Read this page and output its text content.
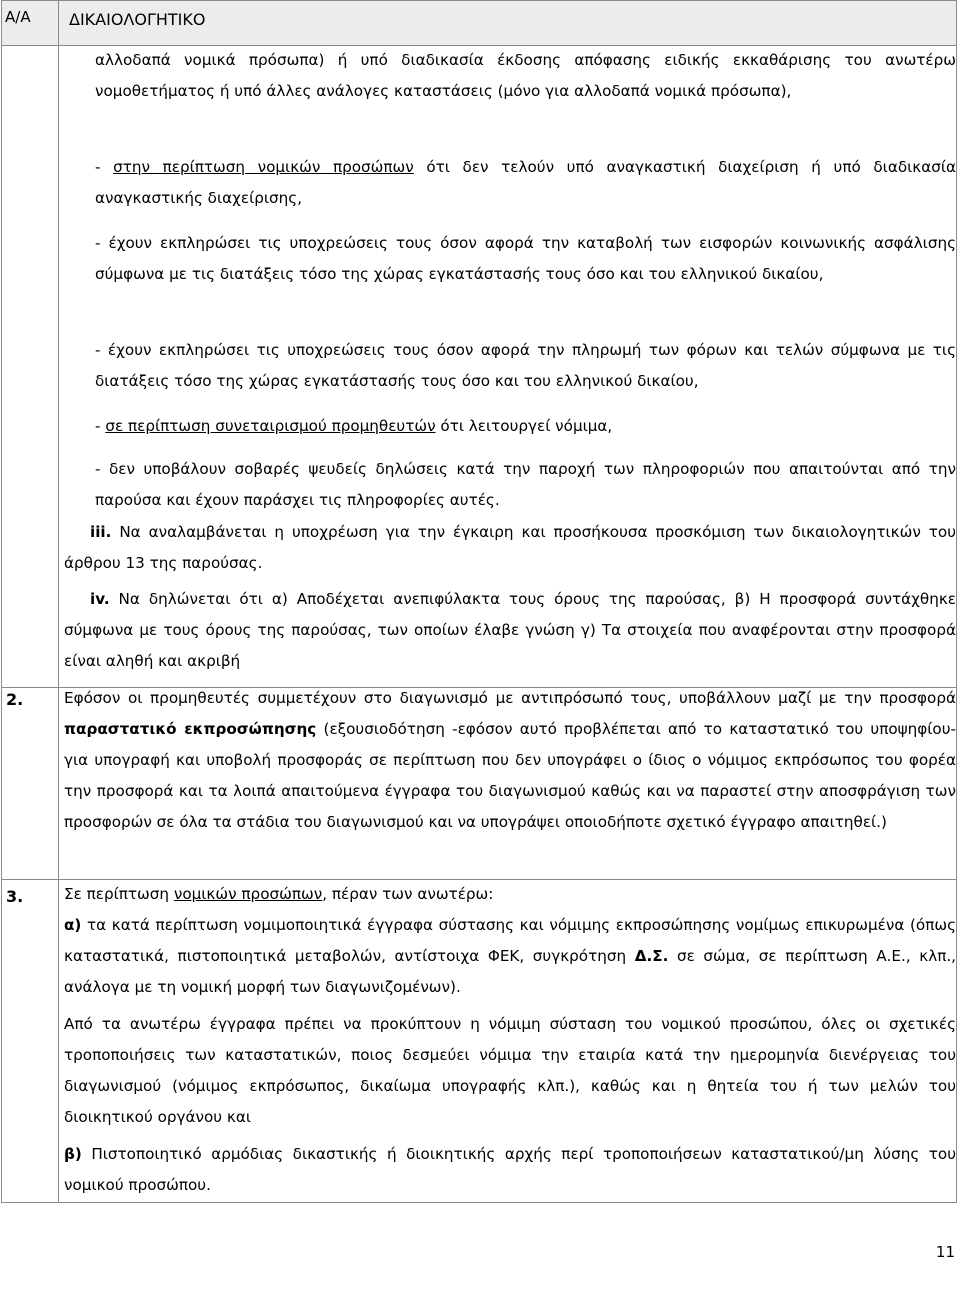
Α/Α ΔΙΚΑΙΟΛΟΓΗΤΙΚΟ

αλλοδαπά νομικά πρόσωπα) ή υπό διαδικασία έκδοσης απόφασης ειδικής εκκαθάρισης του ανωτέρω νομοθετήματος ή υπό άλλες ανάλογες καταστάσεις (μόνο για αλλοδαπά νομικά πρόσωπα),

- στην περίπτωση νομικών προσώπων ότι δεν τελούν υπό αναγκαστική διαχείριση ή υπό διαδικασία αναγκαστικής διαχείρισης,

- έχουν εκπληρώσει τις υποχρεώσεις τους όσον αφορά την καταβολή των εισφορών κοινωνικής ασφάλισης σύμφωνα με τις διατάξεις τόσο της χώρας εγκατάστασής τους όσο και του ελληνικού δικαίου,

- έχουν εκπληρώσει τις υποχρεώσεις τους όσον αφορά την πληρωμή των φόρων και τελών σύμφωνα με τις διατάξεις τόσο της χώρας εγκατάστασής τους όσο και του ελληνικού δικαίου,

- σε περίπτωση συνεταιρισμού προμηθευτών ότι λειτουργεί νόμιμα,

- δεν υποβάλουν σοβαρές ψευδείς δηλώσεις κατά την παροχή των πληροφοριών που απαιτούνται από την παρούσα και έχουν παράσχει τις πληροφορίες αυτές.

iii. Να αναλαμβάνεται η υποχρέωση για την έγκαιρη και προσήκουσα προσκόμιση των δικαιολογητικών του άρθρου 13 της παρούσας.

iv. Να δηλώνεται ότι α) Αποδέχεται ανεπιφύλακτα τους όρους της παρούσας, β) Η προσφορά συντάχθηκε σύμφωνα με τους όρους της παρούσας, των οποίων έλαβε γνώση γ) Τα στοιχεία που αναφέρονται στην προσφορά είναι αληθή και ακριβή

2.	Εφόσον οι προμηθευτές συμμετέχουν στο διαγωνισμό με αντιπρόσωπό τους, υποβάλλουν μαζί με την προσφορά παραστατικό εκπροσώπησης (εξουσιοδότηση -εφόσον αυτό προβλέπεται από το καταστατικό του υποψηφίου- για υπογραφή και υποβολή προσφοράς σε περίπτωση που δεν υπογράφει ο ίδιος ο νόμιμος εκπρόσωπος του φορέα την προσφορά και τα λοιπά απαιτούμενα έγγραφα του διαγωνισμού καθώς και να παραστεί στην αποσφράγιση των προσφορών σε όλα τα στάδια του διαγωνισμού και να υπογράψει οποιοδήποτε σχετικό έγγραφο απαιτηθεί.)

3.	Σε περίπτωση νομικών προσώπων, πέραν των ανωτέρω:

α) τα κατά περίπτωση νομιμοποιητικά έγγραφα σύστασης και νόμιμης εκπροσώπησης νομίμως επικυρωμένα (όπως καταστατικά, πιστοποιητικά μεταβολών, αντίστοιχα ΦΕΚ, συγκρότηση Δ.Σ. σε σώμα, σε περίπτωση Α.Ε., κλπ., ανάλογα με τη νομική μορφή των διαγωνιζομένων).

Από τα ανωτέρω έγγραφα πρέπει να προκύπτουν η νόμιμη σύσταση του νομικού προσώπου, όλες οι σχετικές τροποποιήσεις των καταστατικών, ποιος δεσμεύει νόμιμα την εταιρία κατά την ημερομηνία διενέργειας του διαγωνισμού (νόμιμος εκπρόσωπος, δικαίωμα υπογραφής κλπ.), καθώς και η θητεία του ή των μελών του διοικητικού οργάνου και

β) Πιστοποιητικό αρμόδιας δικαστικής ή διοικητικής αρχής περί τροποποιήσεων καταστατικού/μη λύσης του νομικού προσώπου.

11
